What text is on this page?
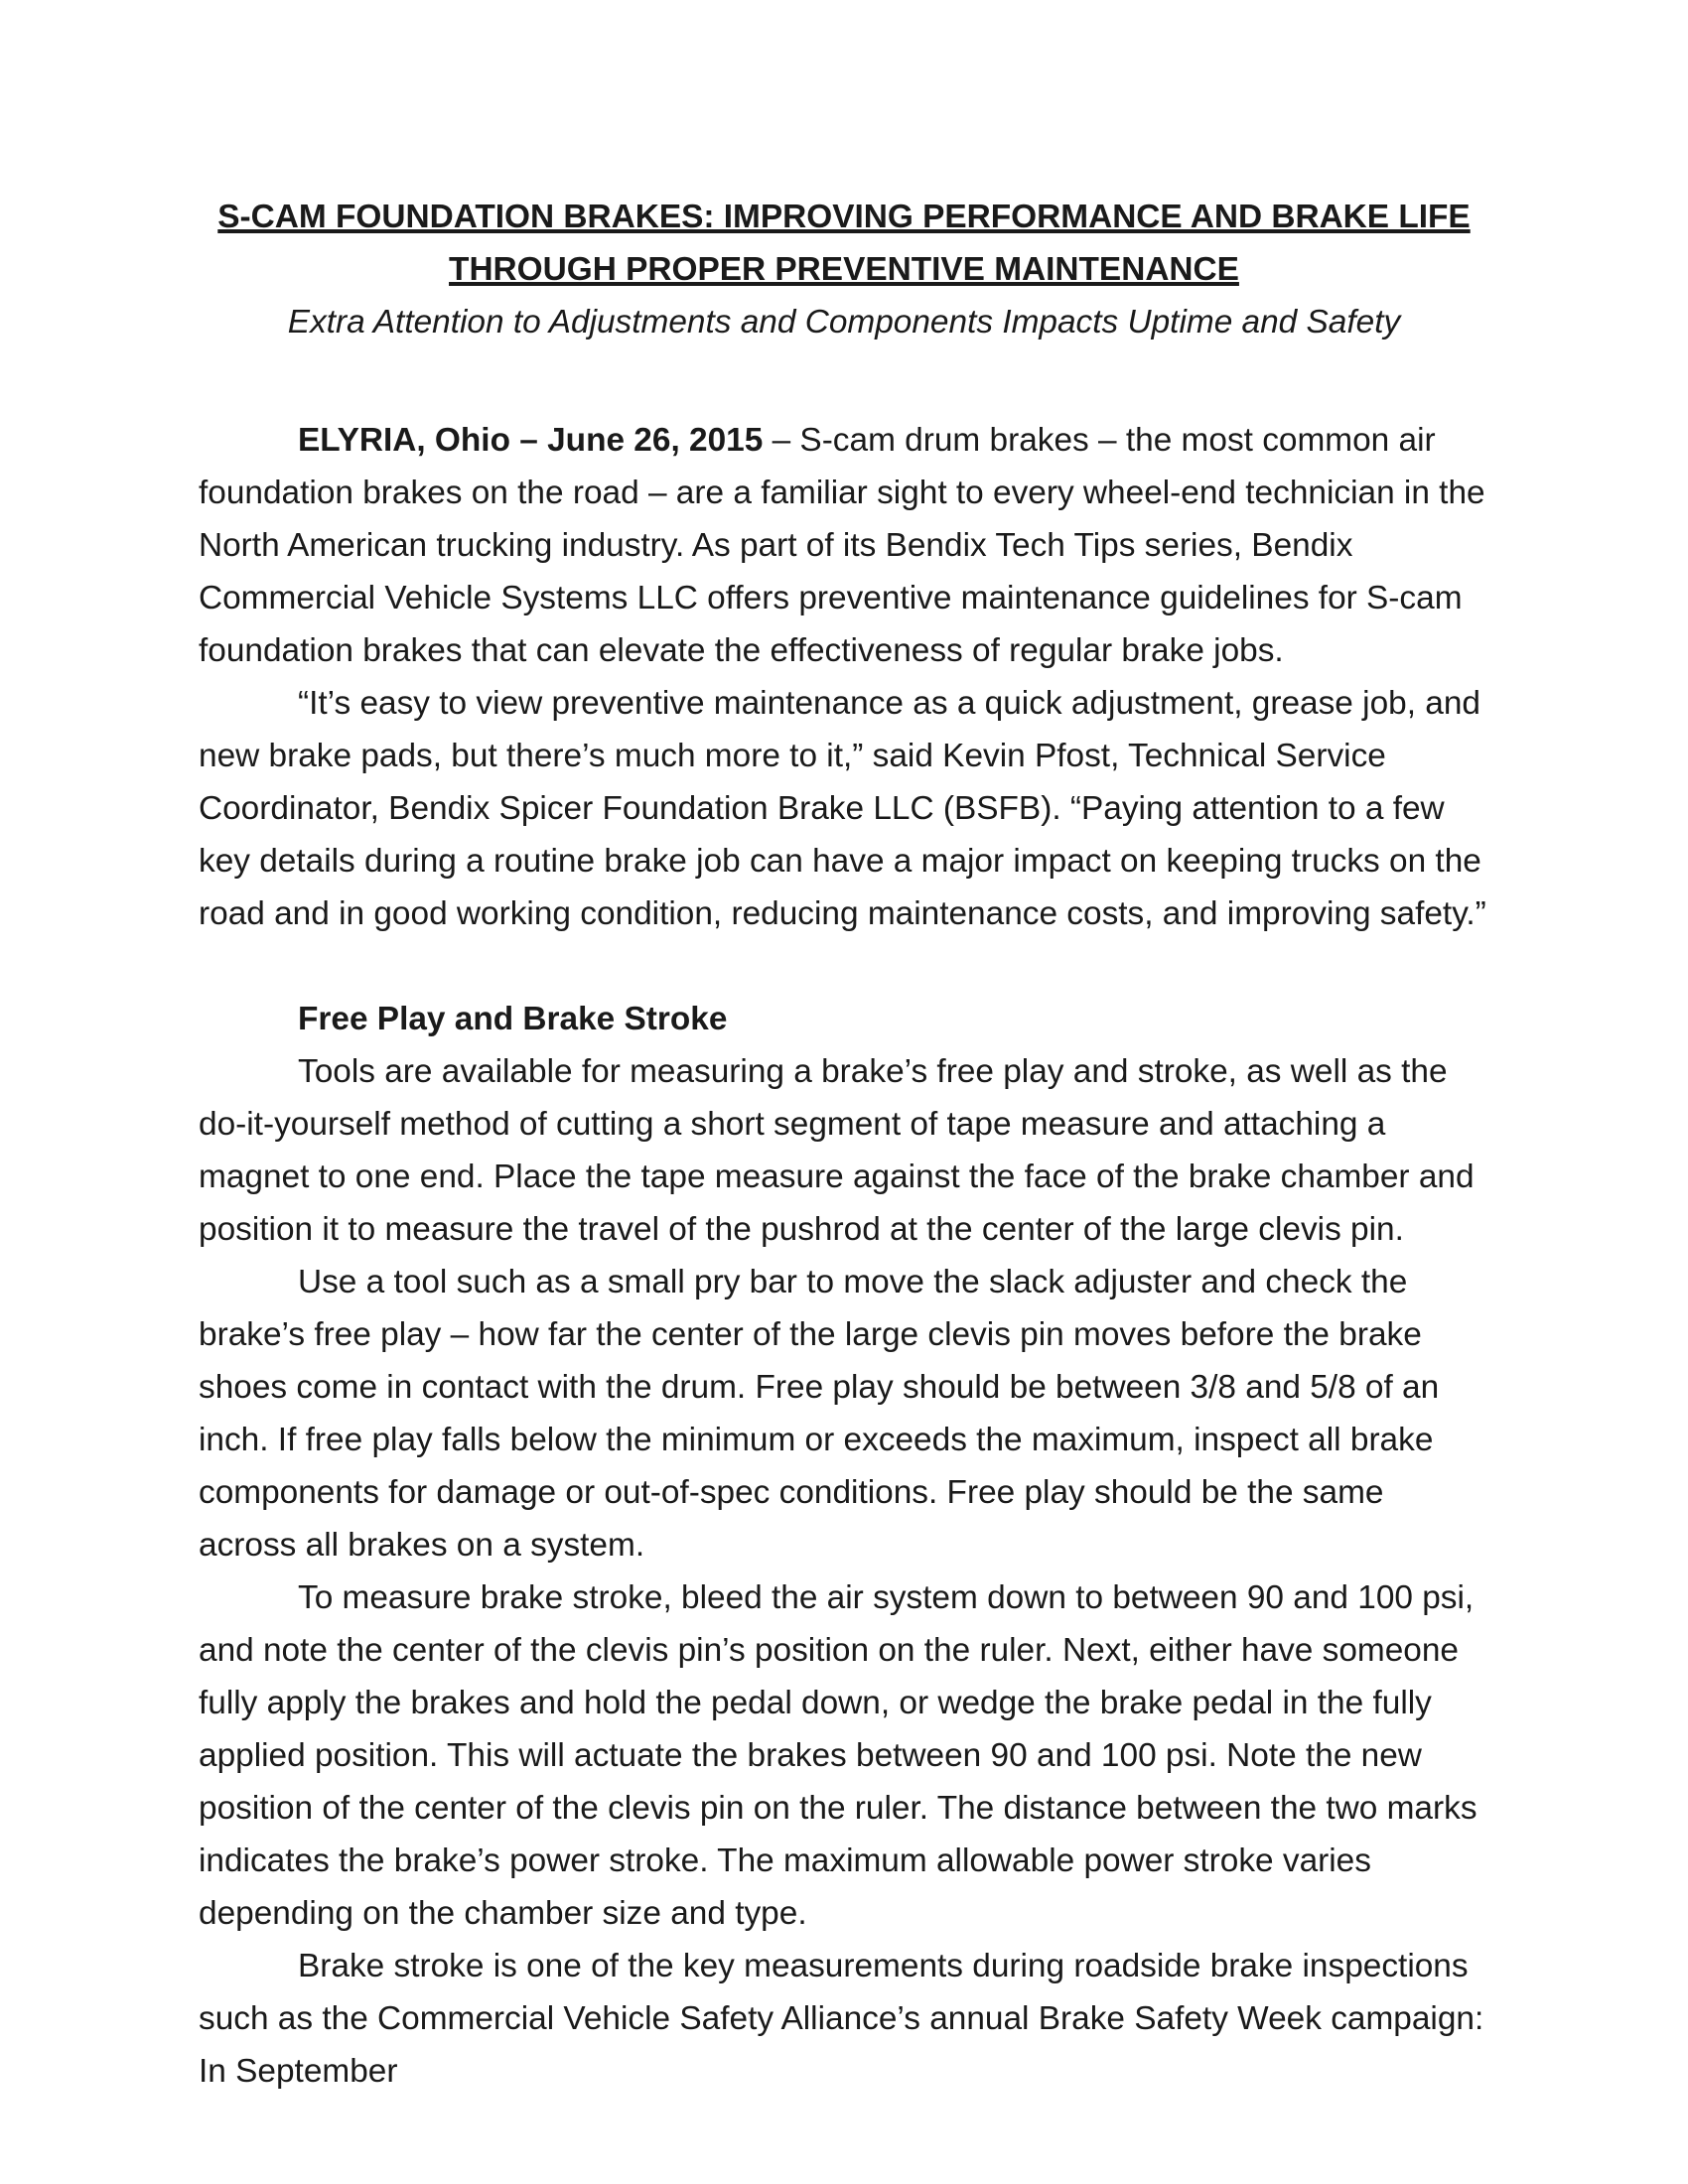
S-CAM FOUNDATION BRAKES: IMPROVING PERFORMANCE AND BRAKE LIFE
THROUGH PROPER PREVENTIVE MAINTENANCE

Extra Attention to Adjustments and Components Impacts Uptime and Safety

ELYRIA, Ohio – June 26, 2015 – S-cam drum brakes – the most common air foundation brakes on the road – are a familiar sight to every wheel-end technician in the North American trucking industry. As part of its Bendix Tech Tips series, Bendix Commercial Vehicle Systems LLC offers preventive maintenance guidelines for S-cam foundation brakes that can elevate the effectiveness of regular brake jobs.

“It’s easy to view preventive maintenance as a quick adjustment, grease job, and new brake pads, but there’s much more to it,” said Kevin Pfost, Technical Service Coordinator, Bendix Spicer Foundation Brake LLC (BSFB). “Paying attention to a few key details during a routine brake job can have a major impact on keeping trucks on the road and in good working condition, reducing maintenance costs, and improving safety.”

Free Play and Brake Stroke

Tools are available for measuring a brake’s free play and stroke, as well as the do-it-yourself method of cutting a short segment of tape measure and attaching a magnet to one end. Place the tape measure against the face of the brake chamber and position it to measure the travel of the pushrod at the center of the large clevis pin.

Use a tool such as a small pry bar to move the slack adjuster and check the brake’s free play – how far the center of the large clevis pin moves before the brake shoes come in contact with the drum. Free play should be between 3/8 and 5/8 of an inch. If free play falls below the minimum or exceeds the maximum, inspect all brake components for damage or out-of-spec conditions. Free play should be the same across all brakes on a system.

To measure brake stroke, bleed the air system down to between 90 and 100 psi, and note the center of the clevis pin’s position on the ruler. Next, either have someone fully apply the brakes and hold the pedal down, or wedge the brake pedal in the fully applied position. This will actuate the brakes between 90 and 100 psi. Note the new position of the center of the clevis pin on the ruler. The distance between the two marks indicates the brake’s power stroke. The maximum allowable power stroke varies depending on the chamber size and type.

Brake stroke is one of the key measurements during roadside brake inspections such as the Commercial Vehicle Safety Alliance’s annual Brake Safety Week campaign: In September
